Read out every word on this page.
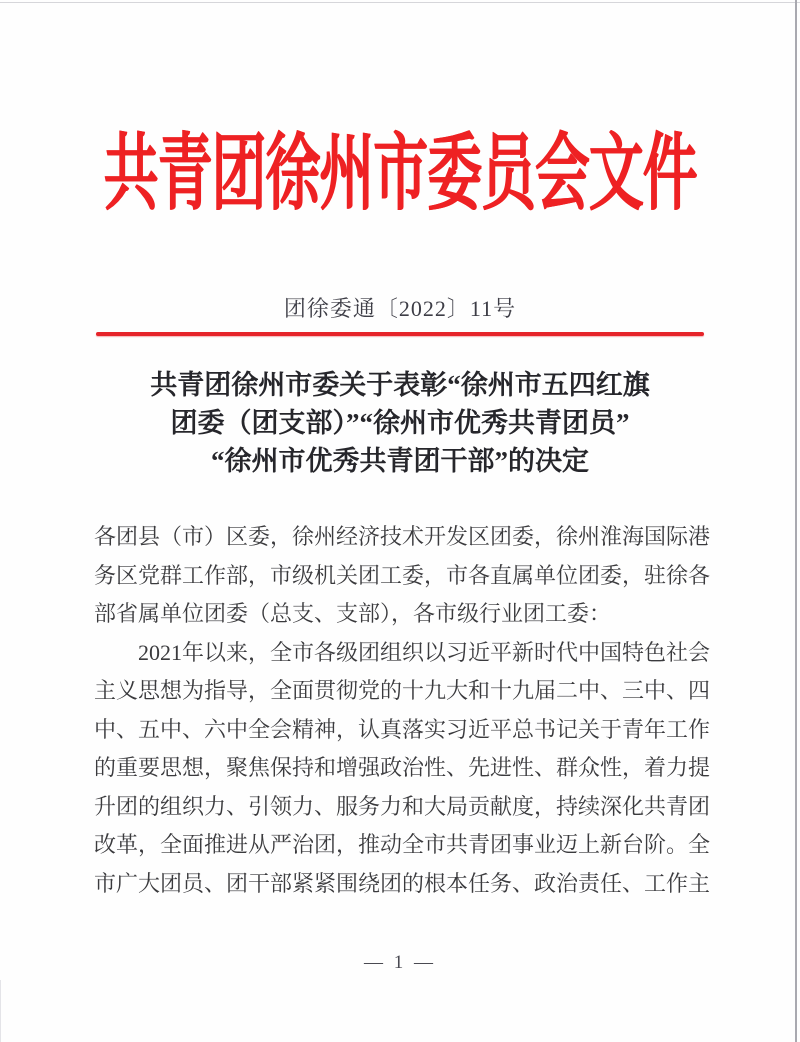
共青团徐州市委员会文件
团徐委通〔2022〕11号
共青团徐州市委关于表彰“徐州市五四红旗
团委（团支部）”“徐州市优秀共青团员”
“徐州市优秀共青团干部”的决定

各团县（市）区委，徐州经济技术开发区团委，徐州淮海国际港务区党群工作部，市级机关团工委，市各直属单位团委，驻徐各部省属单位团委（总支、支部），各市级行业团工委：

2021年以来，全市各级团组织以习近平新时代中国特色社会主义思想为指导，全面贯彻党的十九大和十九届二中、三中、四中、五中、六中全会精神，认真落实习近平总书记关于青年工作的重要思想，聚焦保持和增强政治性、先进性、群众性，着力提升团的组织力、引领力、服务力和大局贡献度，持续深化共青团改革，全面推进从严治团，推动全市共青团事业迈上新台阶。全市广大团员、团干部紧紧围绕团的根本任务、政治责任、工作主

— 1 —
